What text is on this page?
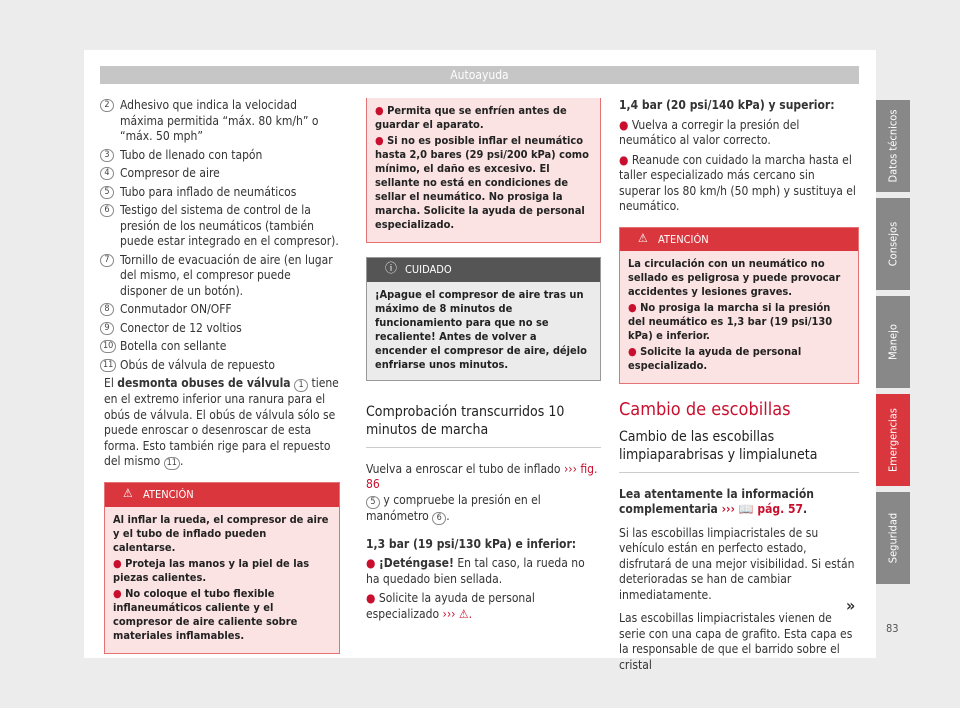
Autoayuda
2 Adhesivo que indica la velocidad máxima permitida “máx. 80 km/h” o “máx. 50 mph”
3 Tubo de llenado con tapón
4 Compresor de aire
5 Tubo para inflado de neumáticos
6 Testigo del sistema de control de la presión de los neumáticos (también puede estar integrado en el compresor).
7 Tornillo de evacuación de aire (en lugar del mismo, el compresor puede disponer de un botón).
8 Conmutador ON/OFF
9 Conector de 12 voltios
10 Botella con sellante
11 Obús de válvula de repuesto

El desmonta obuses de válvula 1 tiene en el extremo inferior una ranura para el obús de válvula. El obús de válvula sólo se puede enroscar o desenroscar de esta forma. Esto también rige para el repuesto del mismo 11 .

⚠ ATENCIÓN
Al inflar la rueda, el compresor de aire y el tubo de inflado pueden calentarse.
● Proteja las manos y la piel de las piezas calientes.
● No coloque el tubo flexible inflaneumáticos caliente y el compresor de aire caliente sobre materiales inflamables.
● Permita que se enfríen antes de guardar el aparato.
● Si no es posible inflar el neumático hasta 2,0 bares (29 psi/200 kPa) como mínimo, el daño es excesivo. El sellante no está en condiciones de sellar el neumático. No prosiga la marcha. Solicite la ayuda de personal especializado.
ⓘ CUIDADO
¡Apague el compresor de aire tras un máximo de 8 minutos de funcionamiento para que no se recaliente! Antes de volver a encender el compresor de aire, déjelo enfriarse unos minutos.
Comprobación transcurridos 10 minutos de marcha

Vuelva a enroscar el tubo de inflado ››› fig. 86
5 y compruebe la presión en el manómetro 6 .

1,3 bar (19 psi/130 kPa) e inferior:

● ¡Deténgase! En tal caso, la rueda no ha quedado bien sellada.

● Solicite la ayuda de personal especializado ››› ⚠.

1,4 bar (20 psi/140 kPa) y superior:

● Vuelva a corregir la presión del neumático al valor correcto.

● Reanude con cuidado la marcha hasta el taller especializado más cercano sin superar los 80 km/h (50 mph) y sustituya el neumático.

⚠ ATENCIÓN
La circulación con un neumático no sellado es peligrosa y puede provocar accidentes y lesiones graves.
● No prosiga la marcha si la presión del neumático es 1,3 bar (19 psi/130 kPa) e inferior.
● Solicite la ayuda de personal especializado.
Cambio de escobillas
Cambio de las escobillas limpiaparabrisas y limpialuneta

Lea atentamente la información complementaria ››› 📖 pág. 57.

Si las escobillas limpiacristales de su vehículo están en perfecto estado, disfrutará de una mejor visibilidad. Si están deterioradas se han de cambiar inmediatamente.

Las escobillas limpiacristales vienen de serie con una capa de grafito. Esta capa es la responsable de que el barrido sobre el cristal

»
Datos técnicos
Consejos
Manejo
Emergencias
Seguridad
83
